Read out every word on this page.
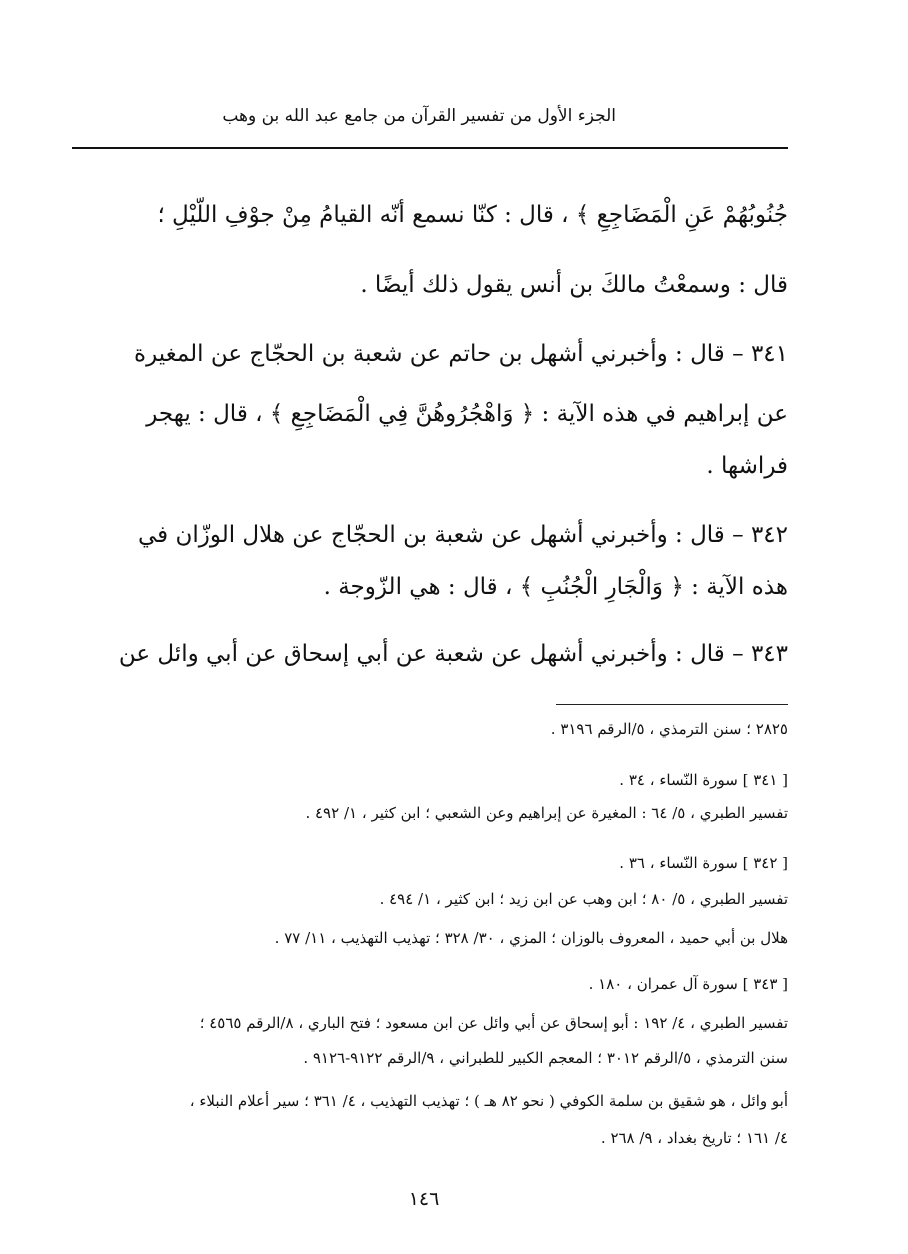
الجزء الأول من تفسير القرآن من جامع عبد الله بن وهب
جُنُوبُهُمْ عَنِ الْمَضَاجِعِ ﴾ ، قال : كنّا نسمع أنّه القيامُ مِنْ جوْفِ اللّيْلِ ؛
قال : وسمعْتُ مالكَ بن أنس يقول ذلك أيضًا .
٣٤١ – قال : وأخبرني أشهل بن حاتم عن شعبة بن الحجّاج عن المغيرة
عن إبراهيم في هذه الآية : ﴿ وَاهْجُرُوهُنَّ فِي الْمَضَاجِعِ ﴾ ، قال : يهجر
فراشها .
٣٤٢ – قال : وأخبرني أشهل عن شعبة بن الحجّاج عن هلال الوزّان في
هذه الآية : ﴿ وَالْجَارِ الْجُنُبِ ﴾ ، قال : هي الزّوجة .
٣٤٣ – قال : وأخبرني أشهل عن شعبة عن أبي إسحاق عن أبي وائل عن
٢٨٢٥ ؛ سنن الترمذي ، ٥/الرقم ٣١٩٦ .
[ ٣٤١ ] سورة النّساء ، ٣٤ .
تفسير الطبري ، ٥/ ٦٤ : المغيرة عن إبراهيم وعن الشعبي ؛ ابن كثير ، ١/ ٤٩٢ .
[ ٣٤٢ ] سورة النّساء ، ٣٦ .
تفسير الطبري ، ٥/ ٨٠ ؛ ابن وهب عن ابن زيد ؛ ابن كثير ، ١/ ٤٩٤ .
هلال بن أبي حميد ، المعروف بالوزان ؛ المزي ، ٣٠/ ٣٢٨ ؛ تهذيب التهذيب ، ١١/ ٧٧ .
[ ٣٤٣ ] سورة آل عمران ، ١٨٠ .
تفسير الطبري ، ٤/ ١٩٢ : أبو إسحاق عن أبي وائل عن ابن مسعود ؛ فتح الباري ، ٨/الرقم ٤٥٦٥ ؛
سنن الترمذي ، ٥/الرقم ٣٠١٢ ؛ المعجم الكبير للطبراني ، ٩/الرقم ٩١٢٢-٩١٢٦ .
أبو وائل ، هو شقيق بن سلمة الكوفي ( نحو ٨٢ هـ ) ؛ تهذيب التهذيب ، ٤/ ٣٦١ ؛ سير أعلام النبلاء ،
٤/ ١٦١ ؛ تاريخ بغداد ، ٩/ ٢٦٨ .
١٤٦
